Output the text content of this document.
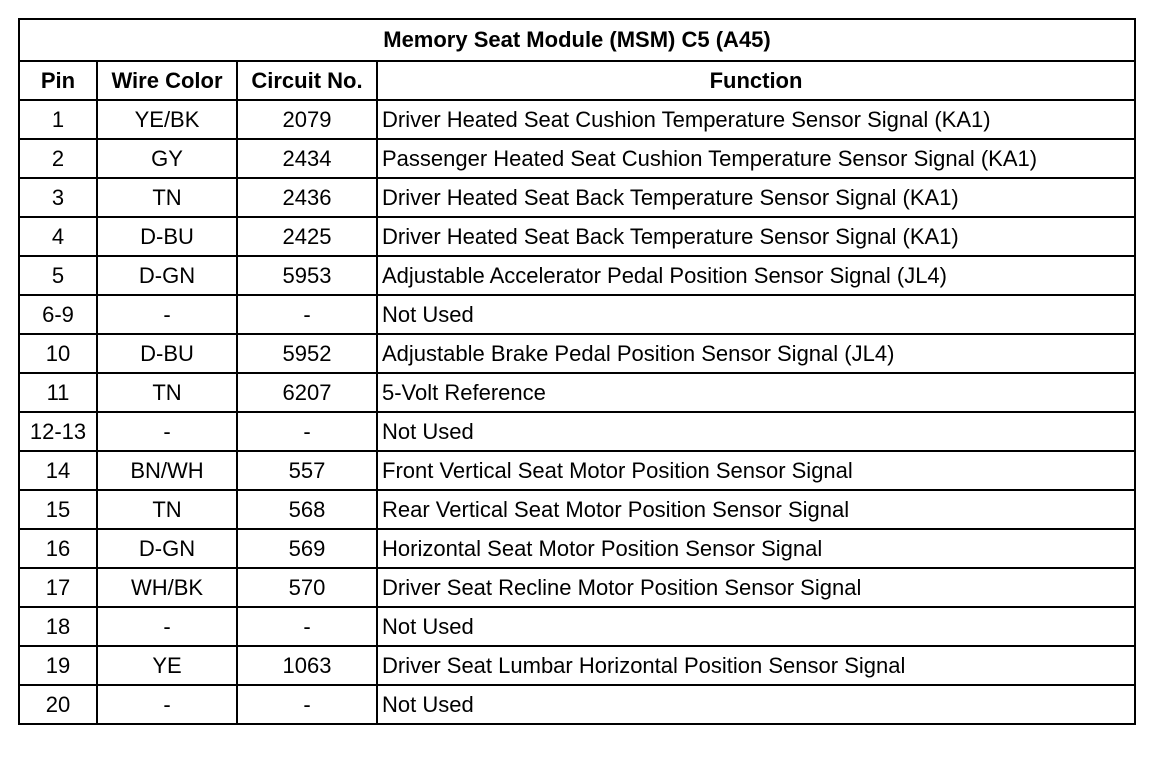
Memory Seat Module (MSM) C5 (A45)			
Pin	Wire Color	Circuit No.	Function
1	YE/BK	2079	Driver Heated Seat Cushion Temperature Sensor Signal (KA1)
2	GY	2434	Passenger Heated Seat Cushion Temperature Sensor Signal (KA1)
3	TN	2436	Driver Heated Seat Back Temperature Sensor Signal (KA1)
4	D-BU	2425	Driver Heated Seat Back Temperature Sensor Signal (KA1)
5	D-GN	5953	Adjustable Accelerator Pedal Position Sensor Signal (JL4)
6-9	-	-	Not Used
10	D-BU	5952	Adjustable Brake Pedal Position Sensor Signal (JL4)
11	TN	6207	5-Volt Reference
12-13	-	-	Not Used
14	BN/WH	557	Front Vertical Seat Motor Position Sensor Signal
15	TN	568	Rear Vertical Seat Motor Position Sensor Signal
16	D-GN	569	Horizontal Seat Motor Position Sensor Signal
17	WH/BK	570	Driver Seat Recline Motor Position Sensor Signal
18	-	-	Not Used
19	YE	1063	Driver Seat Lumbar Horizontal Position Sensor Signal
20	-	-	Not Used
